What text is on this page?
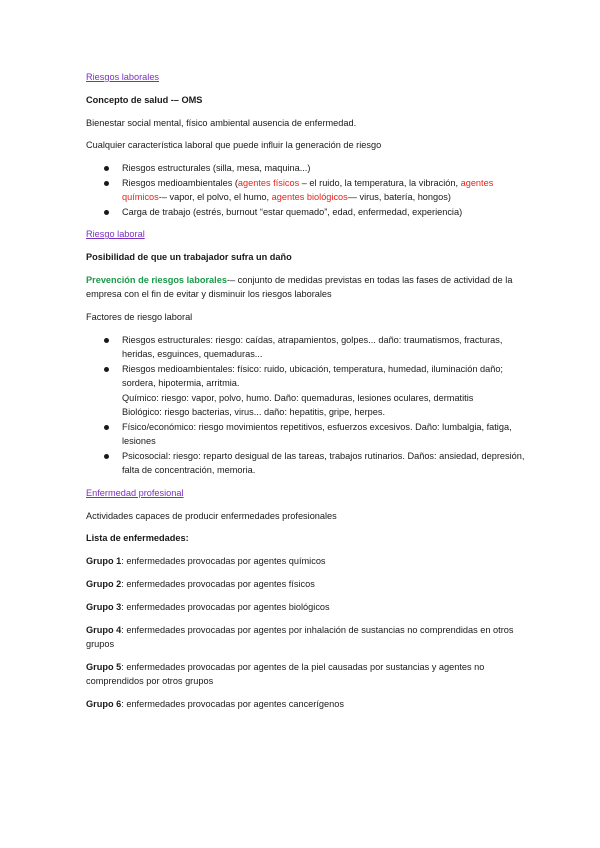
Riesgos laborales

Concepto de salud -– OMS

Bienestar social mental, físico ambiental ausencia de enfermedad.

Cualquier característica laboral que puede influir la generación de riesgo

Riesgos estructurales (silla, mesa, maquina...)
Riesgos medioambientales (agentes físicos – el ruido, la temperatura, la vibración, agentes químicos-– vapor, el polvo, el humo, agentes biológicos— virus, batería, hongos)
Carga de trabajo (estrés, burnout “estar quemado”, edad, enfermedad, experiencia)

Riesgo laboral

Posibilidad de que un trabajador sufra un daño

Prevención de riesgos laborales-– conjunto de medidas previstas en todas las fases de actividad de la empresa con el fin de evitar y disminuir los riesgos laborales

Factores de riesgo laboral

Riesgos estructurales: riesgo: caídas, atrapamientos, golpes... daño: traumatismos, fracturas, heridas, esguinces, quemaduras...
Riesgos medioambientales: físico: ruido, ubicación, temperatura, humedad, iluminación daño; sordera, hipotermia, arritmia.
Químico: riesgo: vapor, polvo, humo. Daño: quemaduras, lesiones oculares, dermatitis
Biológico: riesgo bacterias, virus... daño: hepatitis, gripe, herpes.
Físico/económico: riesgo movimientos repetitivos, esfuerzos excesivos. Daño: lumbalgia, fatiga, lesiones
Psicosocial: riesgo: reparto desigual de las tareas, trabajos rutinarios. Daños: ansiedad, depresión, falta de concentración, memoria.

Enfermedad profesional

Actividades capaces de producir enfermedades profesionales

Lista de enfermedades:

Grupo 1: enfermedades provocadas por agentes químicos

Grupo 2: enfermedades provocadas por agentes físicos

Grupo 3: enfermedades provocadas por agentes biológicos

Grupo 4: enfermedades provocadas por agentes por inhalación de sustancias no comprendidas en otros grupos

Grupo 5: enfermedades provocadas por agentes de la piel causadas por sustancias y agentes no comprendidos por otros grupos

Grupo 6: enfermedades provocadas por agentes cancerígenos
